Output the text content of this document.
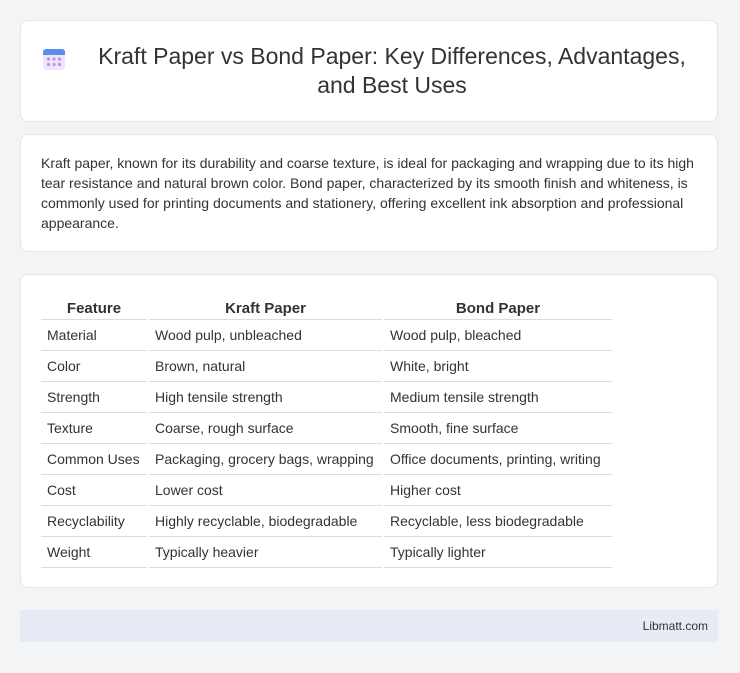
Kraft Paper vs Bond Paper: Key Differences, Advantages, and Best Uses

Kraft paper, known for its durability and coarse texture, is ideal for packaging and wrapping due to its high tear resistance and natural brown color. Bond paper, characterized by its smooth finish and whiteness, is commonly used for printing documents and stationery, offering excellent ink absorption and professional appearance.

Feature	Kraft Paper	Bond Paper
Material	Wood pulp, unbleached	Wood pulp, bleached
Color	Brown, natural	White, bright
Strength	High tensile strength	Medium tensile strength
Texture	Coarse, rough surface	Smooth, fine surface
Common Uses	Packaging, grocery bags, wrapping	Office documents, printing, writing
Cost	Lower cost	Higher cost
Recyclability	Highly recyclable, biodegradable	Recyclable, less biodegradable
Weight	Typically heavier	Typically lighter
Libmatt.com
